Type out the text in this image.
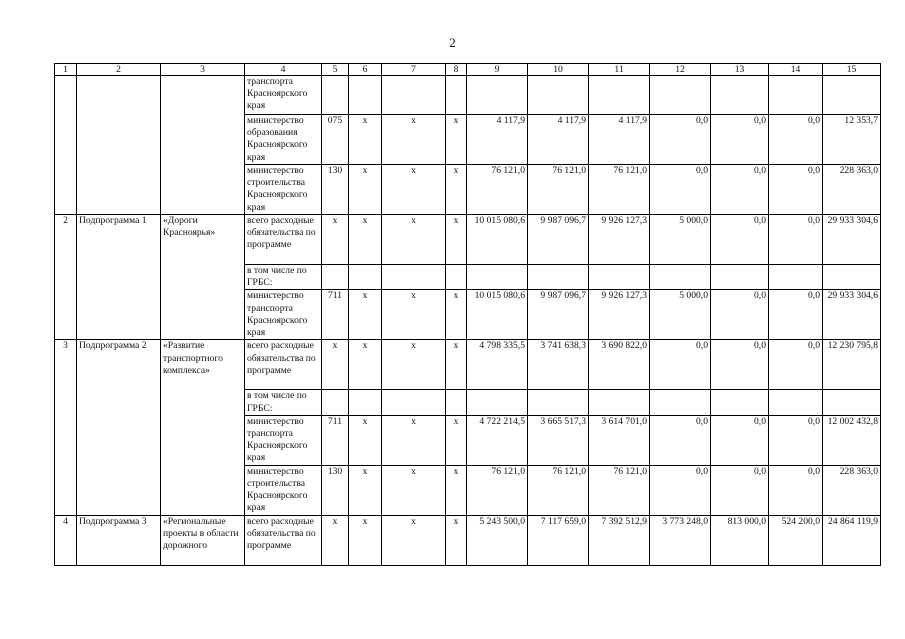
2
1	2	3	4	5	6	7	8	9	10	11	12	13	14	15
			транспорта Красноярского края											
			министерство образования Красноярского края	075	х	х	х	4 117,9	4 117,9	4 117,9	0,0	0,0	0,0	12 353,7
			министерство строительства Красноярского края	130	х	х	х	76 121,0	76 121,0	76 121,0	0,0	0,0	0,0	228 363,0
2	Подпрограмма 1	«Дороги Красноярья»	всего расходные обязательства по программе	х	х	х	х	10 015 080,6	9 987 096,7	9 926 127,3	5 000,0	0,0	0,0	29 933 304,6
			в том числе по ГРБС:											
			министерство транспорта Красноярского края	711	х	х	х	10 015 080,6	9 987 096,7	9 926 127,3	5 000,0	0,0	0,0	29 933 304,6
3	Подпрограмма 2	«Развитие транспортного комплекса»	всего расходные обязательства по программе	х	х	х	х	4 798 335,5	3 741 638,3	3 690 822,0	0,0	0,0	0,0	12 230 795,8
			в том числе по ГРБС:											
			министерство транспорта Красноярского края	711	х	х	х	4 722 214,5	3 665 517,3	3 614 701,0	0,0	0,0	0,0	12 002 432,8
			министерство строительства Красноярского края	130	х	х	х	76 121,0	76 121,0	76 121,0	0,0	0,0	0,0	228 363,0
4	Подпрограмма 3	«Региональные проекты в области дорожного	всего расходные обязательства по программе	х	х	х	х	5 243 500,0	7 117 659,0	7 392 512,9	3 773 248,0	813 000,0	524 200,0	24 864 119,9
